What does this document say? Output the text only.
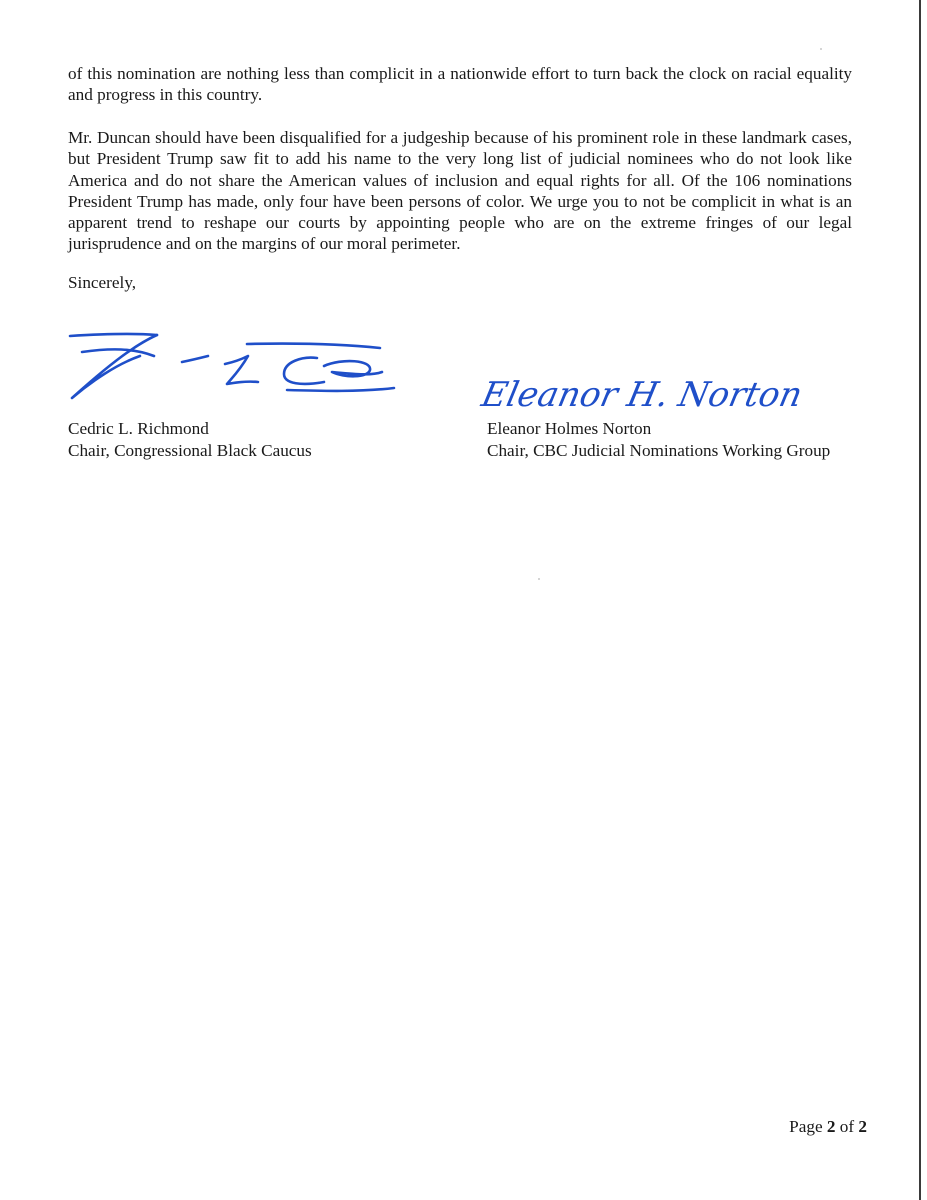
of this nomination are nothing less than complicit in a nationwide effort to turn back the clock on racial equality and progress in this country.

Mr. Duncan should have been disqualified for a judgeship because of his prominent role in these landmark cases, but President Trump saw fit to add his name to the very long list of judicial nominees who do not look like America and do not share the American values of inclusion and equal rights for all. Of the 106 nominations President Trump has made, only four have been persons of color. We urge you to not be complicit in what is an apparent trend to reshape our courts by appointing people who are on the extreme fringes of our legal jurisprudence and on the margins of our moral perimeter.

Sincerely,

Eleanor H. Norton
Cedric L. Richmond
Chair, Congressional Black Caucus
Eleanor Holmes Norton
Chair, CBC Judicial Nominations Working Group
Page 2 of 2
